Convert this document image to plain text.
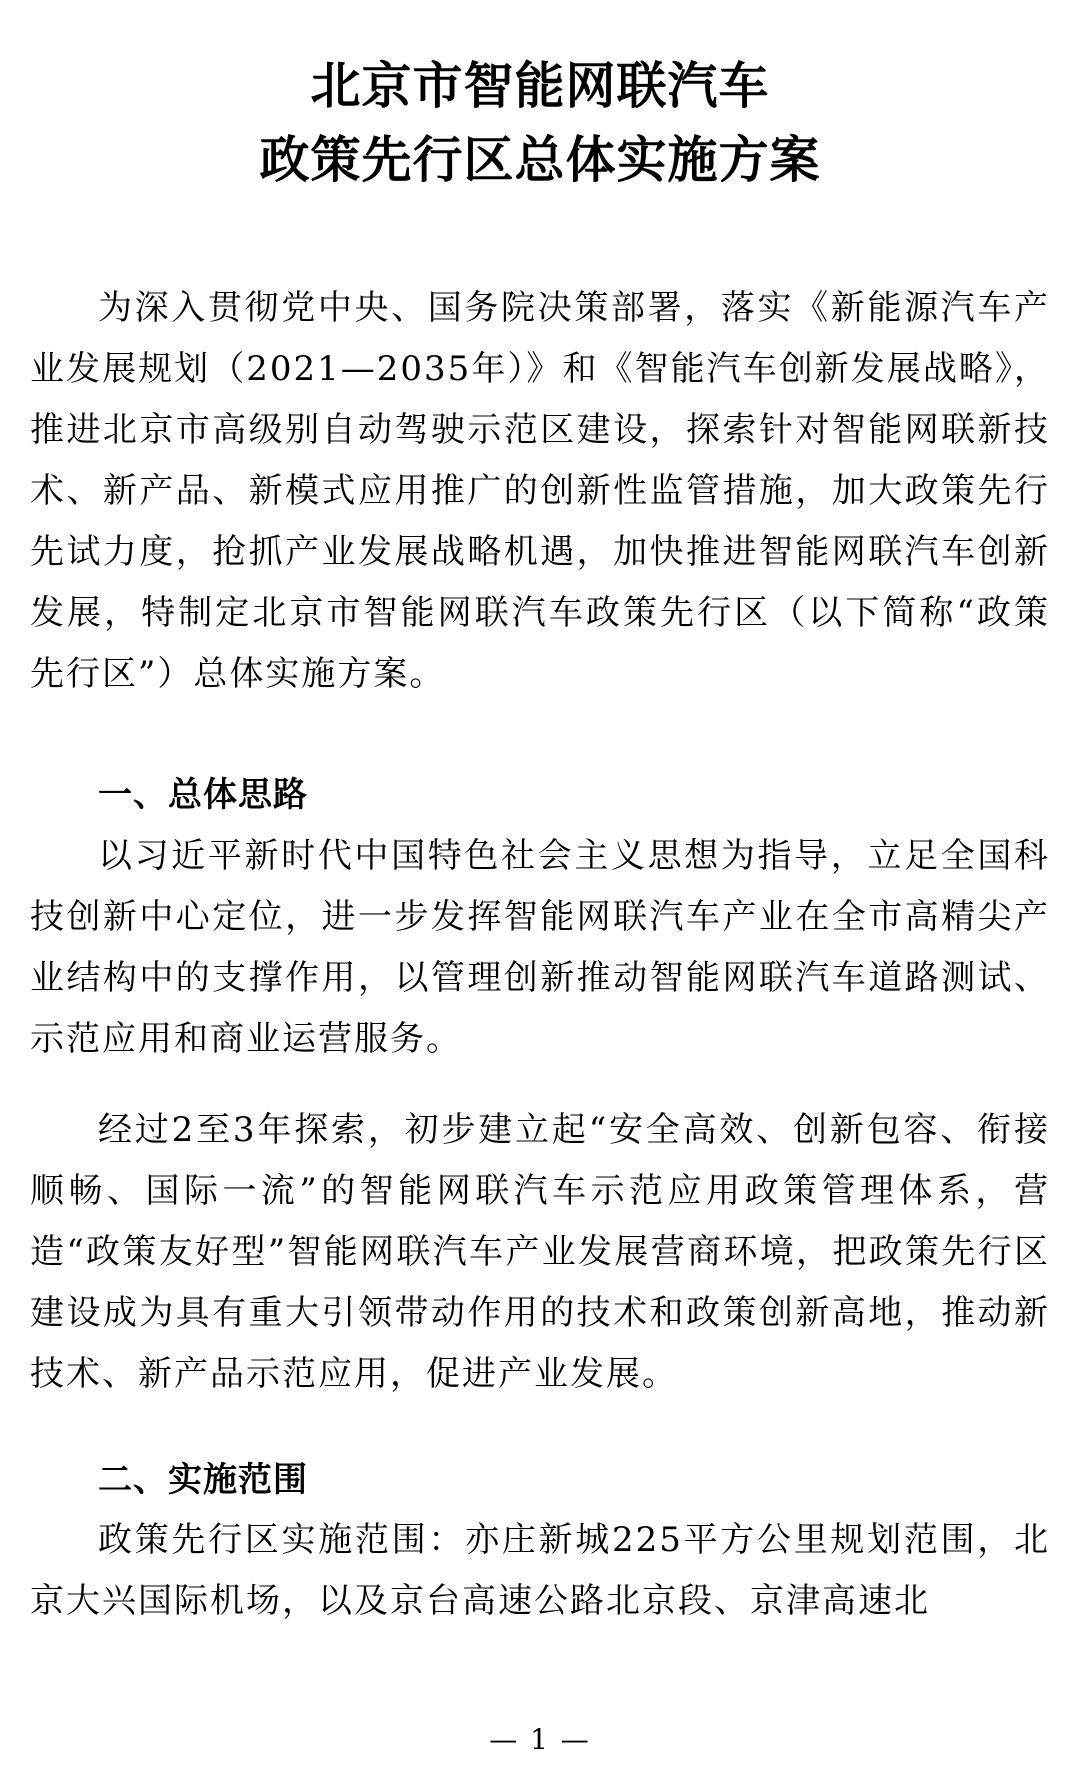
北京市智能网联汽车
政策先行区总体实施方案

为深入贯彻党中央、国务院决策部署，落实《新能源汽车产业发展规划（2021—2035年）》和《智能汽车创新发展战略》，推进北京市高级别自动驾驶示范区建设，探索针对智能网联新技术、新产品、新模式应用推广的创新性监管措施，加大政策先行先试力度，抢抓产业发展战略机遇，加快推进智能网联汽车创新发展，特制定北京市智能网联汽车政策先行区（以下简称“政策先行区”）总体实施方案。

一、总体思路

以习近平新时代中国特色社会主义思想为指导，立足全国科技创新中心定位，进一步发挥智能网联汽车产业在全市高精尖产业结构中的支撑作用，以管理创新推动智能网联汽车道路测试、示范应用和商业运营服务。

经过2至3年探索，初步建立起“安全高效、创新包容、衔接顺畅、国际一流”的智能网联汽车示范应用政策管理体系，营造“政策友好型”智能网联汽车产业发展营商环境，把政策先行区建设成为具有重大引领带动作用的技术和政策创新高地，推动新技术、新产品示范应用，促进产业发展。

二、实施范围

政策先行区实施范围：亦庄新城225平方公里规划范围，北京大兴国际机场，以及京台高速公路北京段、京津高速北

— 1 —
